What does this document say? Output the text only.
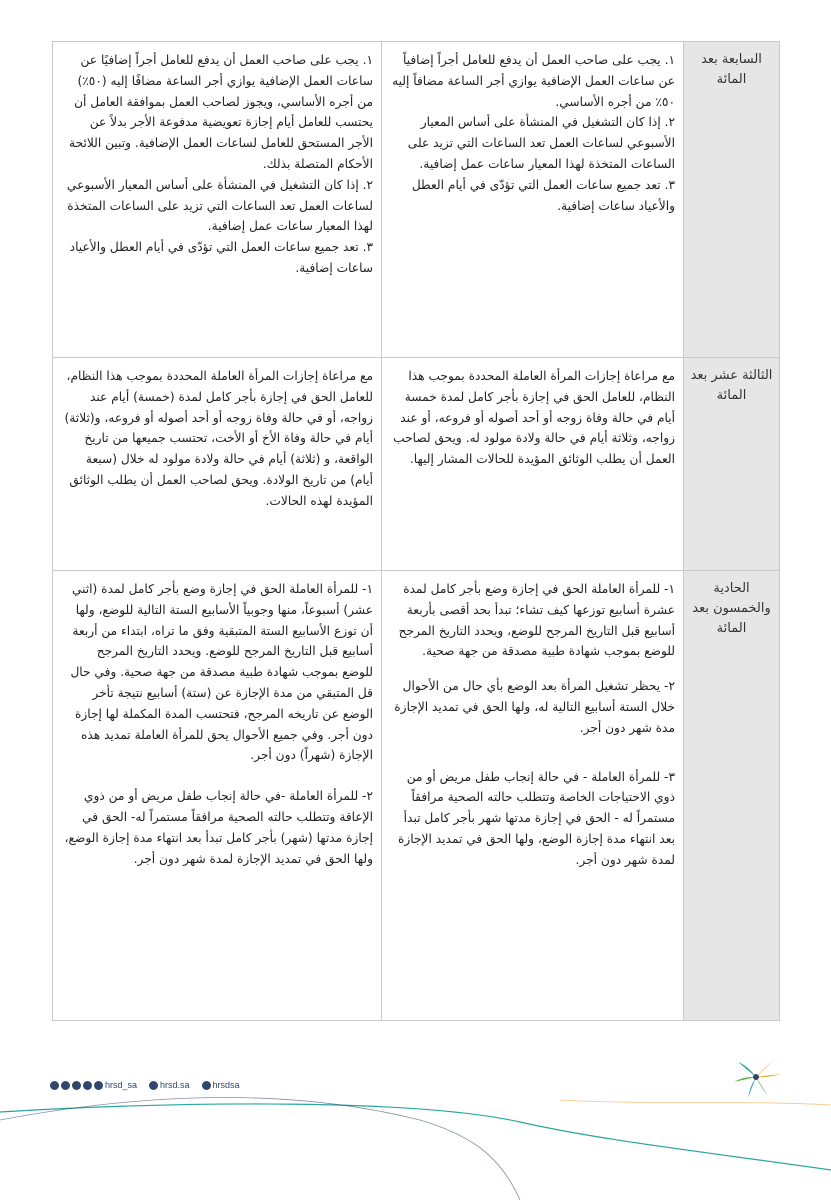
السابعة بعد المائة

١. يجب على صاحب العمل أن يدفع للعامل أجراً إضافياً عن ساعات العمل الإضافية يوازي أجر الساعة مضافاً إليه ٥٠٪ من أجره الأساسي.

٢. إذا كان التشغيل في المنشأة على أساس المعيار الأسبوعي لساعات العمل تعد الساعات التي تزيد على الساعات المتخذة لهذا المعيار ساعات عمل إضافية.

٣. تعد جميع ساعات العمل التي تؤدّى في أيام العطل والأعياد ساعات إضافية.

١. يجب على صاحب العمل أن يدفع للعامل أجراً إضافيًا عن ساعات العمل الإضافية يوازي أجر الساعة مضافًا إليه (٥٠٪) من أجره الأساسي، ويجوز لصاحب العمل بموافقة العامل أن يحتسب للعامل أيام إجازة تعويضية مدفوعة الأجر بدلاً عن الأجر المستحق للعامل لساعات العمل الإضافية. وتبين اللائحة الأحكام المتصلة بذلك.

٢. إذا كان التشغيل في المنشأة على أساس المعيار الأسبوعي لساعات العمل تعد الساعات التي تزيد على الساعات المتخذة لهذا المعيار ساعات عمل إضافية.

٣. تعد جميع ساعات العمل التي تؤدّى في أيام العطل والأعياد ساعات إضافية.

الثالثة عشر بعد المائة

مع مراعاة إجازات المرأة العاملة المحددة بموجب هذا النظام، للعامل الحق في إجازة بأجر كامل لمدة خمسة أيام في حالة وفاة زوجه أو أحد أصوله أو فروعه، أو عند زواجه، وثلاثة أيام في حالة ولادة مولود له. ويحق لصاحب العمل أن يطلب الوثائق المؤيدة للحالات المشار إليها.

مع مراعاة إجازات المرأة العاملة المحددة بموجب هذا النظام، للعامل الحق في إجازة بأجر كامل لمدة (خمسة) أيام عند زواجه، أو في حالة وفاة زوجه أو أحد أصوله أو فروعه، و(ثلاثة) أيام في حالة وفاة الأخ أو الأخت، تحتسب جميعها من تاريخ الواقعة، و (ثلاثة) أيام في حالة ولادة مولود له خلال (سبعة أيام) من تاريخ الولادة. ويحق لصاحب العمل أن يطلب الوثائق المؤيدة لهذه الحالات.

الحادية والخمسون بعد المائة

١- للمرأة العاملة الحق في إجازة وضع بأجر كامل لمدة عشرة أسابيع توزعها كيف تشاء؛ تبدأ بحد أقصى بأربعة أسابيع قبل التاريخ المرجح للوضع، ويحدد التاريخ المرجح للوضع بموجب شهادة طبية مصدقة من جهة صحية.

٢- يحظر تشغيل المرأة بعد الوضع بأي حال من الأحوال خلال الستة أسابيع التالية له، ولها الحق في تمديد الإجازة مدة شهر دون أجر.

٣- للمرأة العاملة - في حالة إنجاب طفل مريض أو من ذوي الاحتياجات الخاصة وتتطلب حالته الصحية مرافقاً مستمراً له - الحق في إجازة مدتها شهر بأجر كامل تبدأ بعد انتهاء مدة إجازة الوضع، ولها الحق في تمديد الإجازة لمدة شهر دون أجر.

١- للمرأة العاملة الحق في إجازة وضع بأجر كامل لمدة (اثني عشر) أسبوعاً، منها وجوبياً الأسابيع الستة التالية للوضع، ولها أن توزع الأسابيع الستة المتبقية وفق ما تراه، ابتداء من أربعة أسابيع قبل التاريخ المرجح للوضع. ويحدد التاريخ المرجح للوضع بموجب شهادة طبية مصدقة من جهة صحية. وفي حال قل المتبقي من مدة الإجازة عن (ستة) أسابيع نتيجة تأخر الوضع عن تاريخه المرجح، فتحتسب المدة المكملة لها إجازة دون أجر. وفي جميع الأحوال يحق للمرأة العاملة تمديد هذه الإجازة (شهراً) دون أجر.

٢- للمرأة العاملة -في حالة إنجاب طفل مريض أو من ذوي الإعاقة وتتطلب حالته الصحية مرافقاً مستمراً له- الحق في إجازة مدتها (شهر) بأجر كامل تبدأ بعد انتهاء مدة إجازة الوضع، ولها الحق في تمديد الإجازة لمدة شهر دون أجر.

hrsd_sa	hrsd.sa	hrsdsa
